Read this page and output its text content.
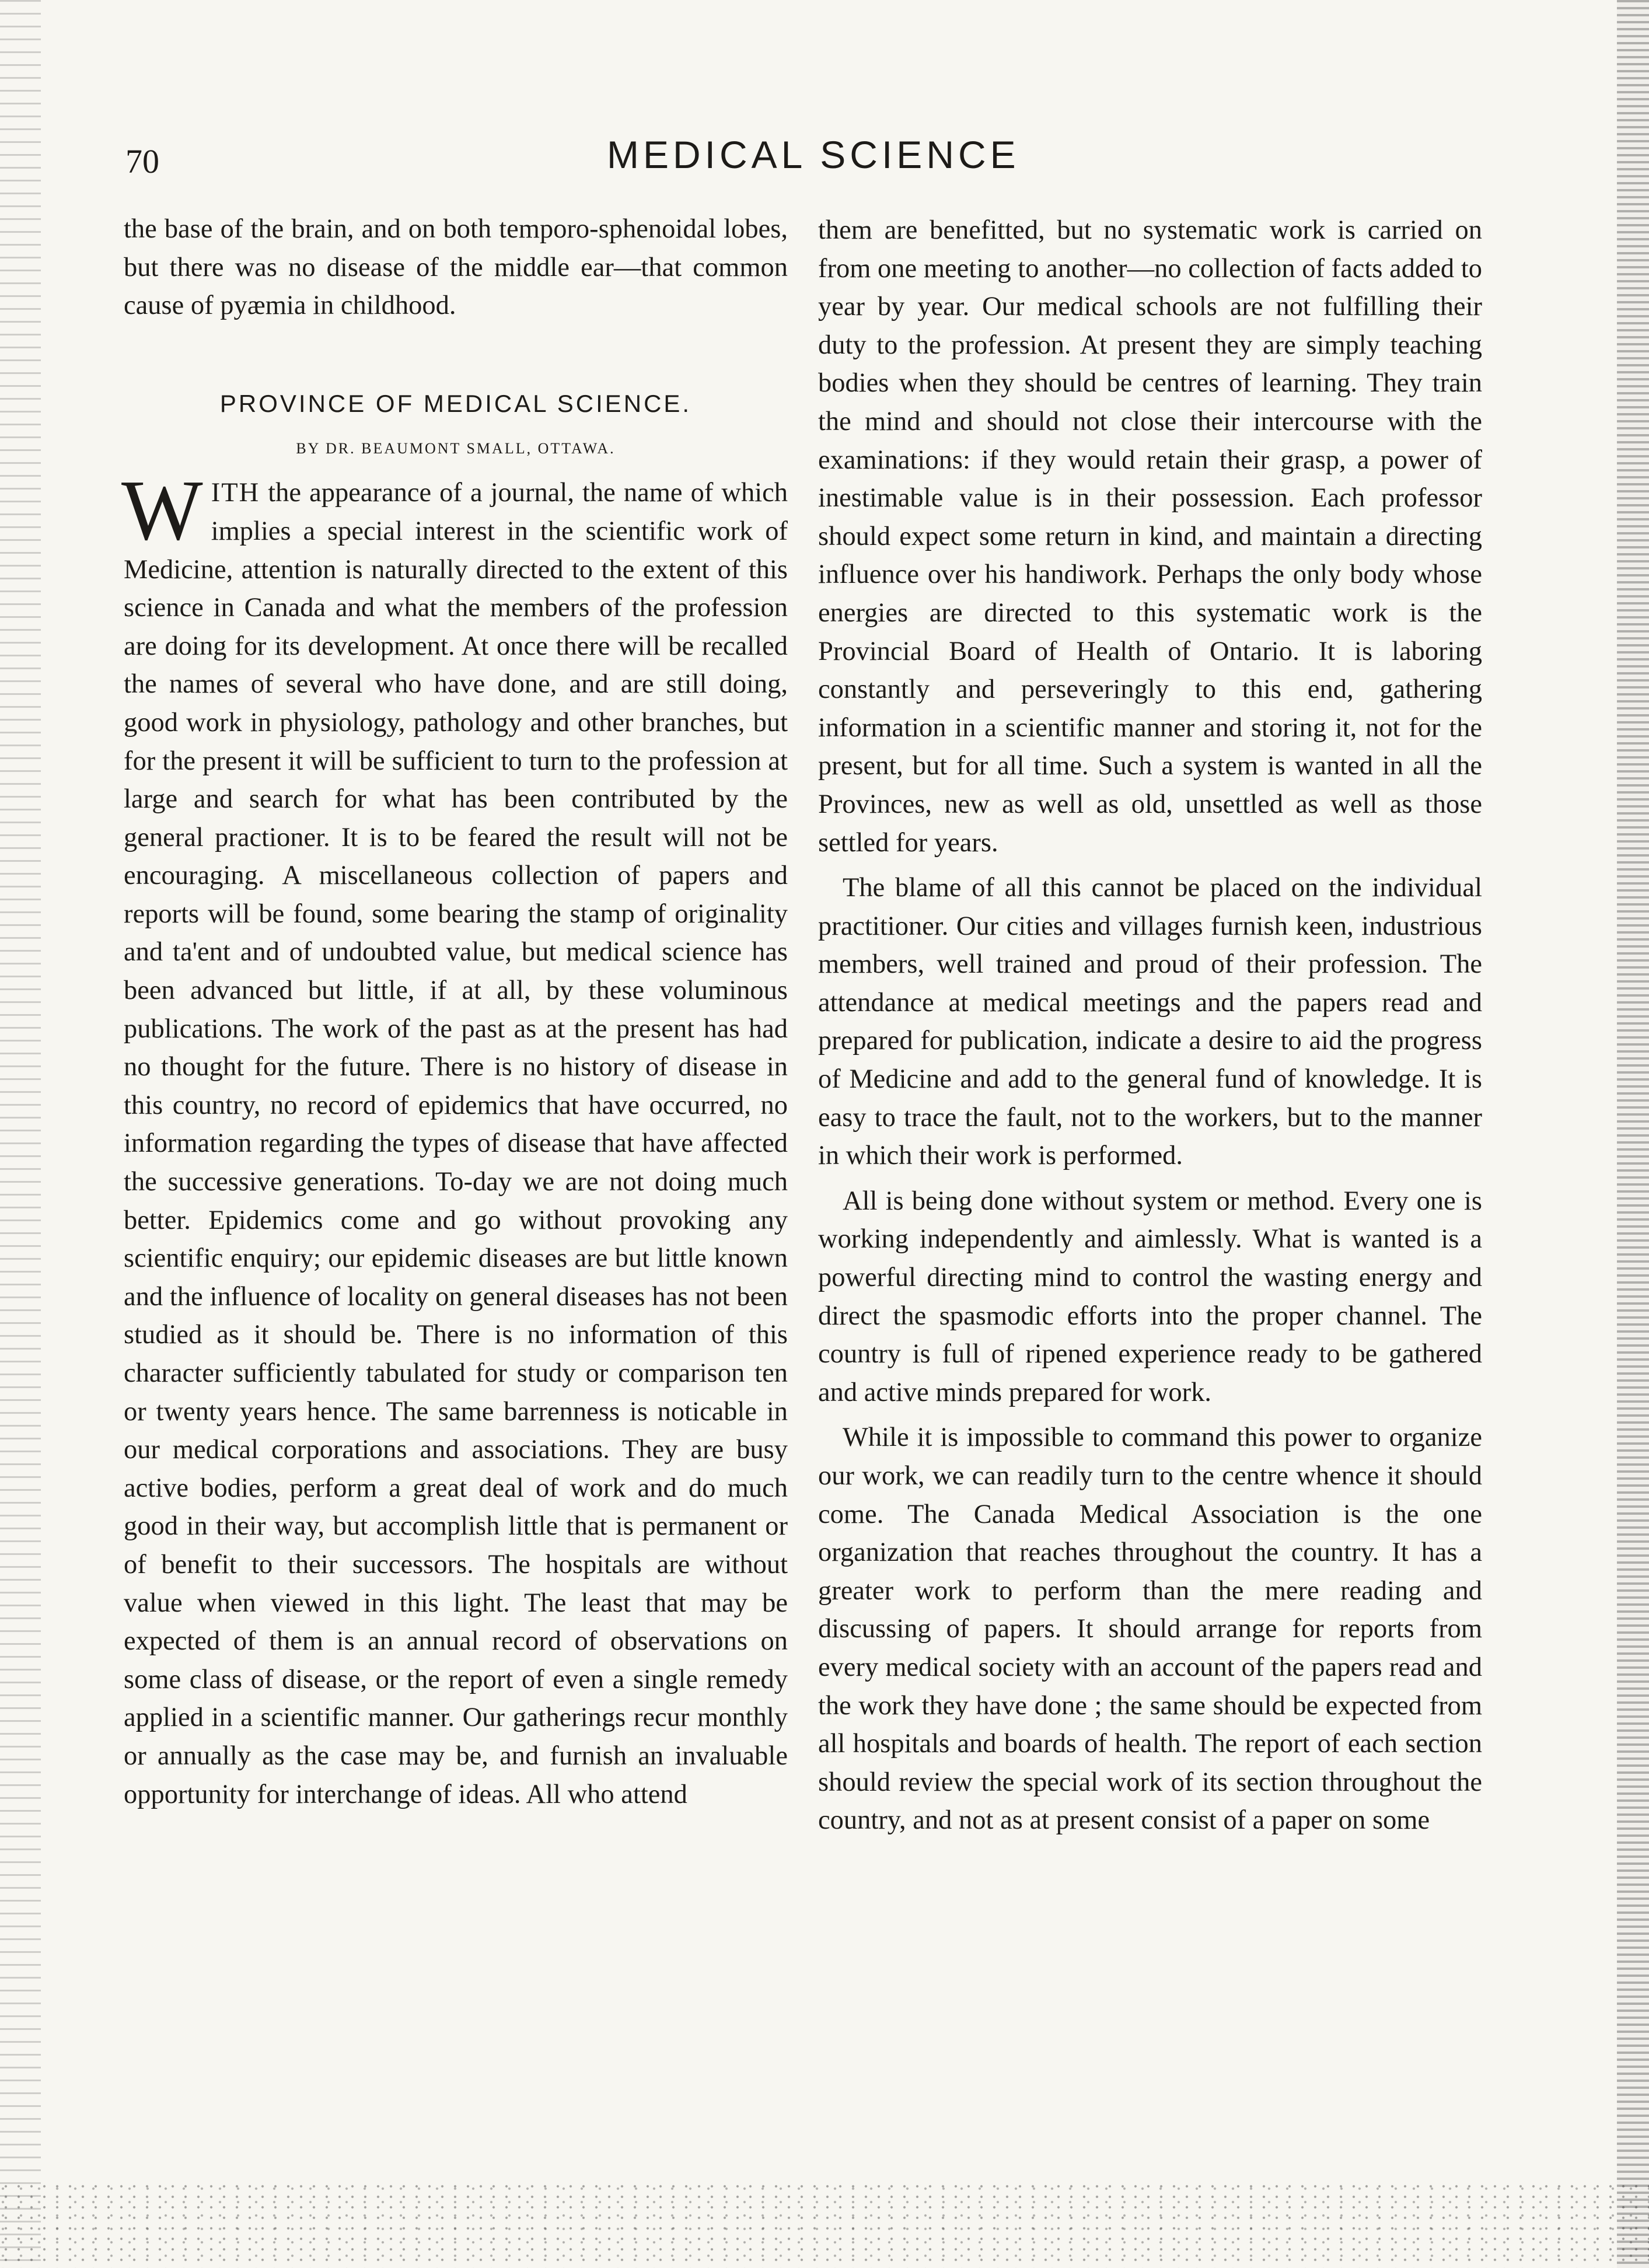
70	MEDICAL SCIENCE

the base of the brain, and on both temporo-sphenoidal lobes, but there was no disease of the middle ear—that common cause of pyæmia in childhood.

PROVINCE OF MEDICAL SCIENCE.
BY DR. BEAUMONT SMALL, OTTAWA.
W ITH the appearance of a journal, the name of which implies a special interest in the scientific work of Medicine, attention is naturally directed to the extent of this science in Canada and what the members of the profession are doing for its development. At once there will be recalled the names of several who have done, and are still doing, good work in physiology, pathology and other branches, but for the present it will be sufficient to turn to the profession at large and search for what has been contributed by the general practioner. It is to be feared the result will not be encouraging. A miscellaneous collection of papers and reports will be found, some bearing the stamp of originality and ta'ent and of undoubted value, but medical science has been advanced but little, if at all, by these voluminous publications. The work of the past as at the present has had no thought for the future. There is no history of disease in this country, no record of epidemics that have occurred, no information regarding the types of disease that have affected the successive generations. To-day we are not doing much better. Epidemics come and go without provoking any scientific enquiry; our epidemic diseases are but little known and the influence of locality on general diseases has not been studied as it should be. There is no information of this character sufficiently tabulated for study or comparison ten or twenty years hence. The same barrenness is noticable in our medical corporations and associations. They are busy active bodies, perform a great deal of work and do much good in their way, but accomplish little that is permanent or of benefit to their successors. The hospitals are without value when viewed in this light. The least that may be expected of them is an annual record of observations on some class of disease, or the report of even a single remedy applied in a scientific manner. Our gatherings recur monthly or annually as the case may be, and furnish an invaluable opportunity for interchange of ideas. All who attend

them are benefitted, but no systematic work is carried on from one meeting to another—no collection of facts added to year by year. Our medical schools are not fulfilling their duty to the profession. At present they are simply teaching bodies when they should be centres of learning. They train the mind and should not close their intercourse with the examinations: if they would retain their grasp, a power of inestimable value is in their possession. Each professor should expect some return in kind, and maintain a directing influence over his handiwork. Perhaps the only body whose energies are directed to this systematic work is the Provincial Board of Health of Ontario. It is laboring constantly and perseveringly to this end, gathering information in a scientific manner and storing it, not for the present, but for all time. Such a system is wanted in all the Provinces, new as well as old, unsettled as well as those settled for years.

The blame of all this cannot be placed on the individual practitioner. Our cities and villages furnish keen, industrious members, well trained and proud of their profession. The attendance at medical meetings and the papers read and prepared for publication, indicate a desire to aid the progress of Medicine and add to the general fund of knowledge. It is easy to trace the fault, not to the workers, but to the manner in which their work is performed.

All is being done without system or method. Every one is working independently and aimlessly. What is wanted is a powerful directing mind to control the wasting energy and direct the spasmodic efforts into the proper channel. The country is full of ripened experience ready to be gathered and active minds prepared for work.

While it is impossible to command this power to organize our work, we can readily turn to the centre whence it should come. The Canada Medical Association is the one organization that reaches throughout the country. It has a greater work to perform than the mere reading and discussing of papers. It should arrange for reports from every medical society with an account of the papers read and the work they have done ; the same should be expected from all hospitals and boards of health. The report of each section should review the special work of its section throughout the country, and not as at present consist of a paper on some
